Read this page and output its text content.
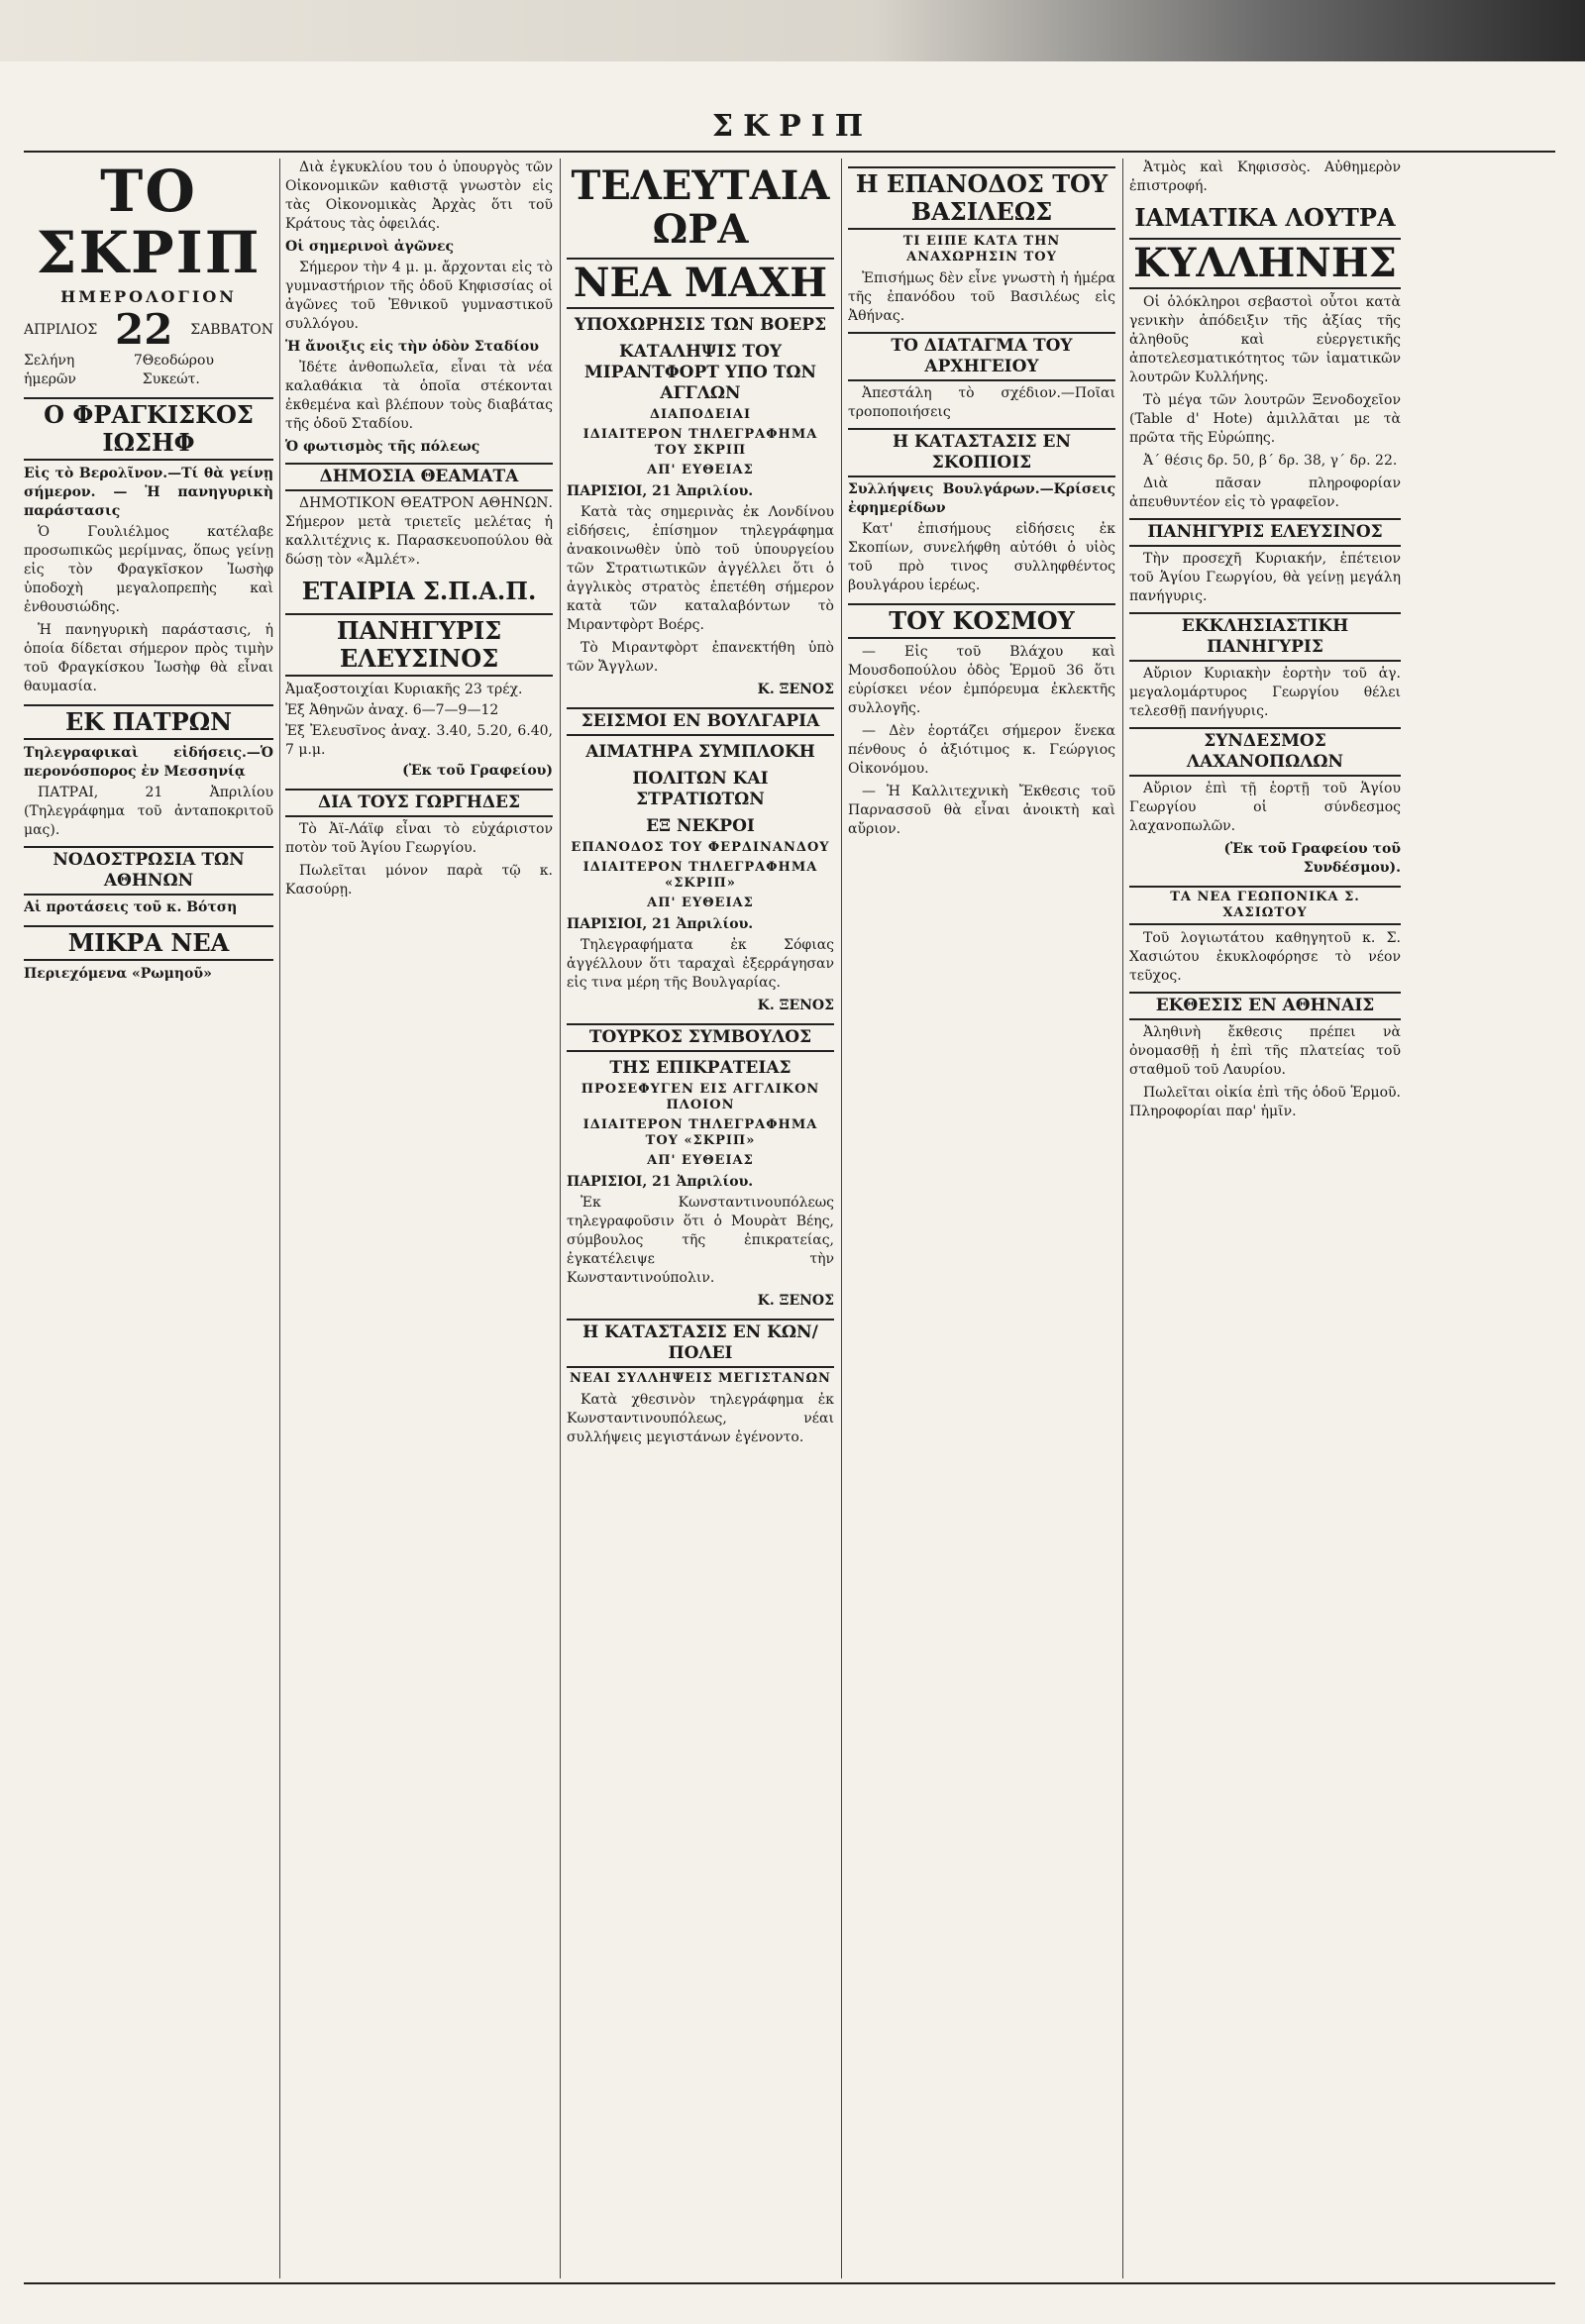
ΣΚΡΙΠ
ΤΟ ΣΚΡΙΠ
ΗΜΕΡΟΛΟΓΙΟΝ
ΑΠΡΙΛΙΟΣ 22 ΣΑΒΒΑΤΟΝ
Σελήνη 7 ἡμερῶν
Θεοδώρου Συκεώτ.
Ο ΦΡΑΓΚΙΣΚΟΣ ΙΩΣΗΦ

Εἰς τὸ Βερολῖνον.—Τί θὰ γείνῃ σήμερον. — Ἡ πανηγυρικὴ παράστασις

Ὁ Γουλιέλμος κατέλαβε προσωπικῶς μερίμνας, ὅπως γείνῃ εἰς τὸν Φραγκῖσκον Ἰωσὴφ ὑποδοχὴ μεγαλοπρεπὴς καὶ ἐνθουσιώδης.

Ἡ πανηγυρικὴ παράστασις, ἡ ὁποία δίδεται σήμερον πρὸς τιμὴν τοῦ Φραγκίσκου Ἰωσὴφ θὰ εἶναι θαυμασία.

ΕΚ ΠΑΤΡΩΝ

Τηλεγραφικαὶ εἰδήσεις.—Ὁ περονόσπορος ἐν Μεσσηνίᾳ

ΠΑΤΡΑΙ, 21 Ἀπριλίου (Τηλεγράφημα τοῦ ἀνταποκριτοῦ μας).

ΝΟΔΟΣΤΡΩΣΙΑ ΤΩΝ ΑΘΗΝΩΝ

Αἱ προτάσεις τοῦ κ. Βότση

ΜΙΚΡΑ ΝΕΑ

Περιεχόμενα «Ρωμηοῦ»

Διὰ ἐγκυκλίου του ὁ ὑπουργὸς τῶν Οἰκονομικῶν καθιστᾷ γνωστὸν εἰς τὰς Οἰκονομικὰς Ἀρχὰς ὅτι τοῦ Κράτους τὰς ὀφειλάς.

Οἱ σημερινοὶ ἀγῶνες

Σήμερον τὴν 4 μ. μ. ἄρχονται εἰς τὸ γυμναστήριον τῆς ὁδοῦ Κηφισσίας οἱ ἀγῶνες τοῦ Ἐθνικοῦ γυμναστικοῦ συλλόγου.

Ἡ ἄνοιξις εἰς τὴν ὁδὸν Σταδίου

Ἰδέτε ἀνθοπωλεῖα, εἶναι τὰ νέα καλαθάκια τὰ ὁποῖα στέκονται ἐκθεμένα καὶ βλέπουν τοὺς διαβάτας τῆς ὁδοῦ Σταδίου.

Ὁ φωτισμὸς τῆς πόλεως

ΔΗΜΟΣΙΑ ΘΕΑΜΑΤΑ

ΔΗΜΟΤΙΚΟΝ ΘΕΑΤΡΟΝ ΑΘΗΝΩΝ. Σήμερον μετὰ τριετεῖς μελέτας ἡ καλλιτέχνις κ. Παρασκευοπούλου θὰ δώσῃ τὸν «Ἀμλέτ».

ΕΤΑΙΡΙΑ Σ.Π.Α.Π.
ΠΑΝΗΓΥΡΙΣ ΕΛΕΥΣΙΝΟΣ

Ἀμαξοστοιχίαι Κυριακῆς 23 τρέχ.

Ἐξ Ἀθηνῶν ἀναχ. 6—7—9—12

Ἐξ Ἐλευσῖνος ἀναχ. 3.40, 5.20, 6.40, 7 μ.μ.

(Ἐκ τοῦ Γραφείου)
ΔΙΑ ΤΟΥΣ ΓΩΡΓΗΔΕΣ

Τὸ Ἀϊ-Λάϊφ εἶναι τὸ εὐχάριστον ποτὸν τοῦ Ἁγίου Γεωργίου.

Πωλεῖται μόνον παρὰ τῷ κ. Κασούρῃ.

ΤΕΛΕΥΤΑΙΑ ΩΡΑ
ΝΕΑ ΜΑΧΗ
ΥΠΟΧΩΡΗΣΙΣ ΤΩΝ ΒΟΕΡΣ
ΚΑΤΑΛΗΨΙΣ ΤΟΥ ΜΙΡΑΝΤΦΟΡΤ ΥΠΟ ΤΩΝ ΑΓΓΛΩΝ
ΔΙΑΠΟΔΕΙΑΙ
ΙΔΙΑΙΤΕΡΟΝ ΤΗΛΕΓΡΑΦΗΜΑ ΤΟΥ ΣΚΡΙΠ
ΑΠ' ΕΥΘΕΙΑΣ

ΠΑΡΙΣΙΟΙ, 21 Ἀπριλίου.

Κατὰ τὰς σημερινὰς ἐκ Λονδίνου εἰδήσεις, ἐπίσημον τηλεγράφημα ἀνακοινωθὲν ὑπὸ τοῦ ὑπουργείου τῶν Στρατιωτικῶν ἀγγέλλει ὅτι ὁ ἀγγλικὸς στρατὸς ἐπετέθη σήμερον κατὰ τῶν καταλαβόντων τὸ Μιραντφὸρτ Βοέρς.

Τὸ Μιραντφὸρτ ἐπανεκτήθη ὑπὸ τῶν Ἄγγλων.

Κ. ΞΕΝΟΣ
ΣΕΙΣΜΟΙ ΕΝ ΒΟΥΛΓΑΡΙΑ
ΑΙΜΑΤΗΡΑ ΣΥΜΠΛΟΚΗ
ΠΟΛΙΤΩΝ ΚΑΙ ΣΤΡΑΤΙΩΤΩΝ
ΕΞ ΝΕΚΡΟΙ
ΕΠΑΝΟΔΟΣ ΤΟΥ ΦΕΡΔΙΝΑΝΔΟΥ
ΙΔΙΑΙΤΕΡΟΝ ΤΗΛΕΓΡΑΦΗΜΑ «ΣΚΡΙΠ»
ΑΠ' ΕΥΘΕΙΑΣ

ΠΑΡΙΣΙΟΙ, 21 Ἀπριλίου.

Τηλεγραφήματα ἐκ Σόφιας ἀγγέλλουν ὅτι ταραχαὶ ἐξερράγησαν εἰς τινα μέρη τῆς Βουλγαρίας.

Κ. ΞΕΝΟΣ
ΤΟΥΡΚΟΣ ΣΥΜΒΟΥΛΟΣ
ΤΗΣ ΕΠΙΚΡΑΤΕΙΑΣ
ΠΡΟΣΕΦΥΓΕΝ ΕΙΣ ΑΓΓΛΙΚΟΝ ΠΛΟΙΟΝ
ΙΔΙΑΙΤΕΡΟΝ ΤΗΛΕΓΡΑΦΗΜΑ ΤΟΥ «ΣΚΡΙΠ»
ΑΠ' ΕΥΘΕΙΑΣ

ΠΑΡΙΣΙΟΙ, 21 Ἀπριλίου.

Ἐκ Κωνσταντινουπόλεως τηλεγραφοῦσιν ὅτι ὁ Μουρὰτ Βέης, σύμβουλος τῆς ἐπικρατείας, ἐγκατέλειψε τὴν Κωνσταντινούπολιν.

Κ. ΞΕΝΟΣ
Η ΚΑΤΑΣΤΑΣΙΣ ΕΝ ΚΩΝ/ΠΟΛΕΙ
ΝΕΑΙ ΣΥΛΛΗΨΕΙΣ ΜΕΓΙΣΤΑΝΩΝ

Κατὰ χθεσινὸν τηλεγράφημα ἐκ Κωνσταντινουπόλεως, νέαι συλλήψεις μεγιστάνων ἐγένοντο.

Η ΕΠΑΝΟΔΟΣ ΤΟΥ ΒΑΣΙΛΕΩΣ
ΤΙ ΕΙΠΕ ΚΑΤΑ ΤΗΝ ΑΝΑΧΩΡΗΣΙΝ ΤΟΥ

Ἐπισήμως δὲν εἶνε γνωστὴ ἡ ἡμέρα τῆς ἐπανόδου τοῦ Βασιλέως εἰς Ἀθήνας.

ΤΟ ΔΙΑΤΑΓΜΑ ΤΟΥ ΑΡΧΗΓΕΙΟΥ

Ἀπεστάλη τὸ σχέδιον.—Ποῖαι τροποποιήσεις

Η ΚΑΤΑΣΤΑΣΙΣ ΕΝ ΣΚΟΠΙΟΙΣ

Συλλήψεις Βουλγάρων.—Κρίσεις ἐφημερίδων

Κατ' ἐπισήμους εἰδήσεις ἐκ Σκοπίων, συνελήφθη αὐτόθι ὁ υἱὸς τοῦ πρὸ τινος συλληφθέντος βουλγάρου ἱερέως.

ΤΟΥ ΚΟΣΜΟΥ

— Εἰς τοῦ Βλάχου καὶ Μουσδοπούλου ὁδὸς Ἑρμοῦ 36 ὅτι εὑρίσκει νέον ἐμπόρευμα ἐκλεκτῆς συλλογῆς.

— Δὲν ἑορτάζει σήμερον ἕνεκα πένθους ὁ ἀξιότιμος κ. Γεώργιος Οἰκονόμου.

— Ἡ Καλλιτεχνικὴ Ἔκθεσις τοῦ Παρνασσοῦ θὰ εἶναι ἀνοικτὴ καὶ αὔριον.

Ἀτμὸς καὶ Κηφισσὸς. Αὐθημερὸν ἐπιστροφή.

ΙΑΜΑΤΙΚΑ ΛΟΥΤΡΑ
ΚΥΛΛΗΝΗΣ

Οἱ ὁλόκληροι σεβαστοὶ οὗτοι κατὰ γενικὴν ἀπόδειξιν τῆς ἀξίας τῆς ἀληθοῦς καὶ εὐεργετικῆς ἀποτελεσματικότητος τῶν ἰαματικῶν λουτρῶν Κυλλήνης.

Τὸ μέγα τῶν λουτρῶν Ξενοδοχεῖον (Table d' Hote) ἀμιλλᾶται με τὰ πρῶτα τῆς Εὐρώπης.

Ἀ΄ θέσις δρ. 50, β΄ δρ. 38, γ΄ δρ. 22.

Διὰ πᾶσαν πληροφορίαν ἀπευθυντέον εἰς τὸ γραφεῖον.

ΠΑΝΗΓΥΡΙΣ ΕΛΕΥΣΙΝΟΣ

Τὴν προσεχῆ Κυριακήν, ἑπέτειον τοῦ Ἁγίου Γεωργίου, θὰ γείνῃ μεγάλη πανήγυρις.

ΕΚΚΛΗΣΙΑΣΤΙΚΗ ΠΑΝΗΓΥΡΙΣ

Αὔριον Κυριακὴν ἑορτὴν τοῦ ἁγ. μεγαλομάρτυρος Γεωργίου θέλει τελεσθῇ πανήγυρις.

ΣΥΝΔΕΣΜΟΣ ΛΑΧΑΝΟΠΩΛΩΝ

Αὔριον ἐπὶ τῇ ἑορτῇ τοῦ Ἁγίου Γεωργίου οἱ σύνδεσμος λαχανοπωλῶν.

(Ἐκ τοῦ Γραφείου τοῦ Συνδέσμου).
ΤΑ ΝΕΑ ΓΕΩΠΟΝΙΚΑ Σ. ΧΑΣΙΩΤΟΥ

Τοῦ λογιωτάτου καθηγητοῦ κ. Σ. Χασιώτου ἐκυκλοφόρησε τὸ νέον τεῦχος.

ΕΚΘΕΣΙΣ ΕΝ ΑΘΗΝΑΙΣ

Ἀληθινὴ ἔκθεσις πρέπει νὰ ὀνομασθῇ ἡ ἐπὶ τῆς πλατείας τοῦ σταθμοῦ τοῦ Λαυρίου.

Πωλεῖται οἰκία ἐπὶ τῆς ὁδοῦ Ἑρμοῦ. Πληροφορίαι παρ' ἡμῖν.
